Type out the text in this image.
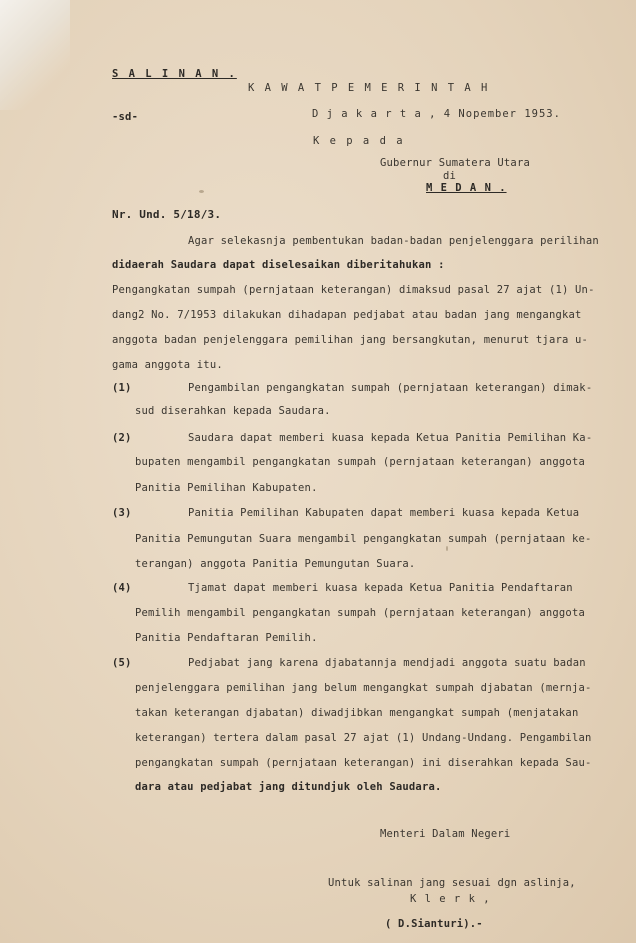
S A L I N A N .
K A W A T P E M E R I N T A H
-sd-	D j a k a r t a , 4 Nopember 1953.
K e p a d a
Gubernur Sumatera Utara
di
M E D A N .
Nr. Und. 5/18/3.
Agar selekasnja pembentukan badan-badan penjelenggara perilihan
didaerah Saudara dapat diselesaikan diberitahukan :
Pengangkatan sumpah (pernjataan keterangan) dimaksud pasal 27 ajat (1) Un-
dang2 No. 7/1953 dilakukan dihadapan pedjabat atau badan jang mengangkat
anggota badan penjelenggara pemilihan jang bersangkutan, menurut tjara u-
gama anggota itu.
(1)	Pengambilan pengangkatan sumpah (pernjataan keterangan) dimak-
sud diserahkan kepada Saudara.
(2)	Saudara dapat memberi kuasa kepada Ketua Panitia Pemilihan Ka-
bupaten mengambil pengangkatan sumpah (pernjataan keterangan) anggota
Panitia Pemilihan Kabupaten.
(3)	Panitia Pemilihan Kabupaten dapat memberi kuasa kepada Ketua
Panitia Pemungutan Suara mengambil pengangkatan sumpah (pernjataan ke-
terangan) anggota Panitia Pemungutan Suara.
(4)	Tjamat dapat memberi kuasa kepada Ketua Panitia Pendaftaran
Pemilih mengambil pengangkatan sumpah (pernjataan keterangan) anggota
Panitia Pendaftaran Pemilih.
(5)	Pedjabat jang karena djabatannja mendjadi anggota suatu badan
penjelenggara pemilihan jang belum mengangkat sumpah djabatan (mernja-
takan keterangan djabatan) diwadjibkan mengangkat sumpah (menjatakan
keterangan) tertera dalam pasal 27 ajat (1) Undang-Undang. Pengambilan
pengangkatan sumpah (pernjataan keterangan) ini diserahkan kepada Sau-
dara atau pedjabat jang ditundjuk oleh Saudara.
Menteri Dalam Negeri
Untuk salinan jang sesuai dgn aslinja,
K l e r k ,
( D.Sianturi).-
